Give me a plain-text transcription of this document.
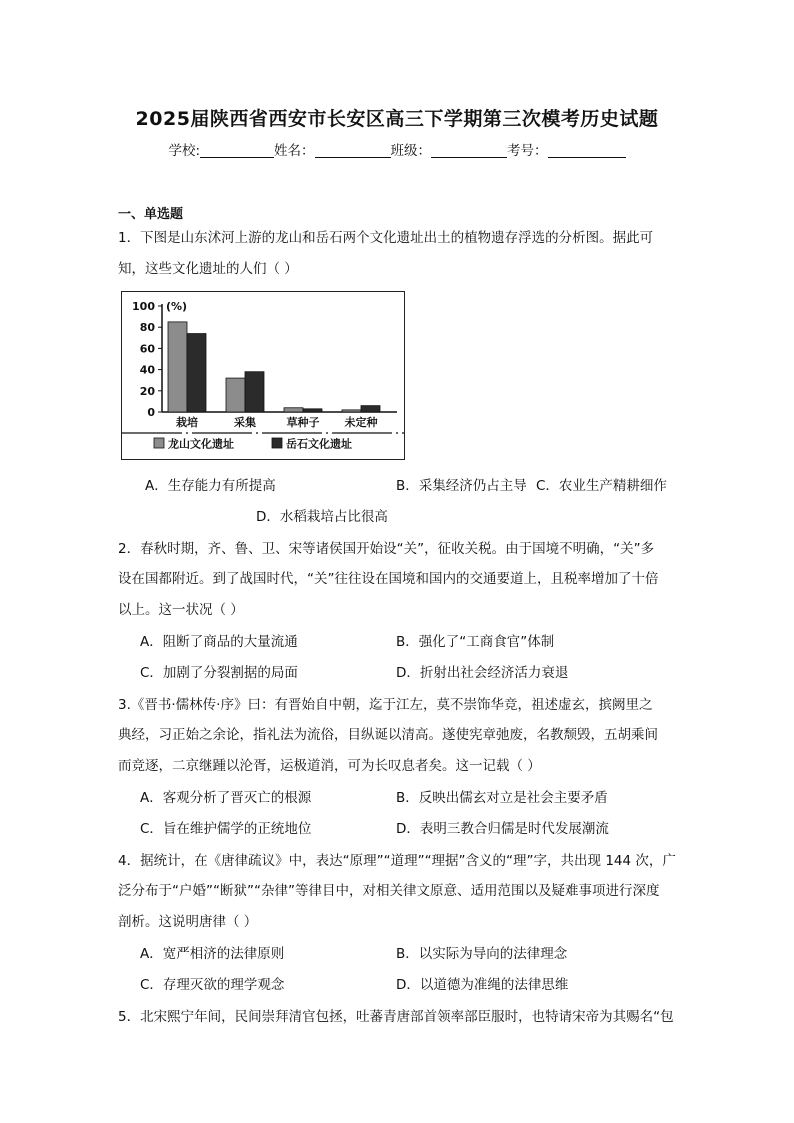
2025届陕西省西安市长安区高三下学期第三次模考历史试题
学校:	姓名：	班级：	考号：
一、单选题
1．下图是山东沭河上游的龙山和岳石两个文化遗址出土的植物遗存浮选的分析图。据此可
知，这些文化遗址的人们（ ）
100
80
60
40
20
0
(%)
栽培	采集	草种子 未定种
龙山文化遗址	岳石文化遗址
A．生存能力有所提高	B．采集经济仍占主导 C．农业生产精耕细作
D．水稻栽培占比很高
2．春秋时期，齐、鲁、卫、宋等诸侯国开始设“关”，征收关税。由于国境不明确，“关”多
设在国都附近。到了战国时代，“关”往往设在国境和国内的交通要道上，且税率增加了十倍
以上。这一状况（ ）
A．阻断了商品的大量流通	B．强化了“工商食官”体制
C．加剧了分裂割据的局面	D．折射出社会经济活力衰退
3.《晋书·儒林传·序》曰：有晋始自中朝，迄于江左，莫不崇饰华竞，祖述虚玄，摈阙里之
典经，习正始之余论，指礼法为流俗，目纵诞以清高。遂使宪章弛废，名教颓毁，五胡乘间
而竞逐，二京继踵以沦胥，运极道消，可为长叹息者矣。这一记载（ ）
A．客观分析了晋灭亡的根源	B．反映出儒玄对立是社会主要矛盾
C．旨在维护儒学的正统地位	D．表明三教合归儒是时代发展潮流
4．据统计，在《唐律疏议》中，表达“原理”“道理”“理据”含义的“理”字，共出现 144 次，广
泛分布于“户婚”“断狱”“杂律”等律目中，对相关律文原意、适用范围以及疑难事项进行深度
剖析。这说明唐律（ ）
A．宽严相济的法律原则	B．以实际为导向的法律理念
C．存理灭欲的理学观念	D．以道德为准绳的法律思维
5．北宋熙宁年间，民间崇拜清官包拯，吐蕃青唐部首领率部臣服时，也特请宋帝为其赐名“包
